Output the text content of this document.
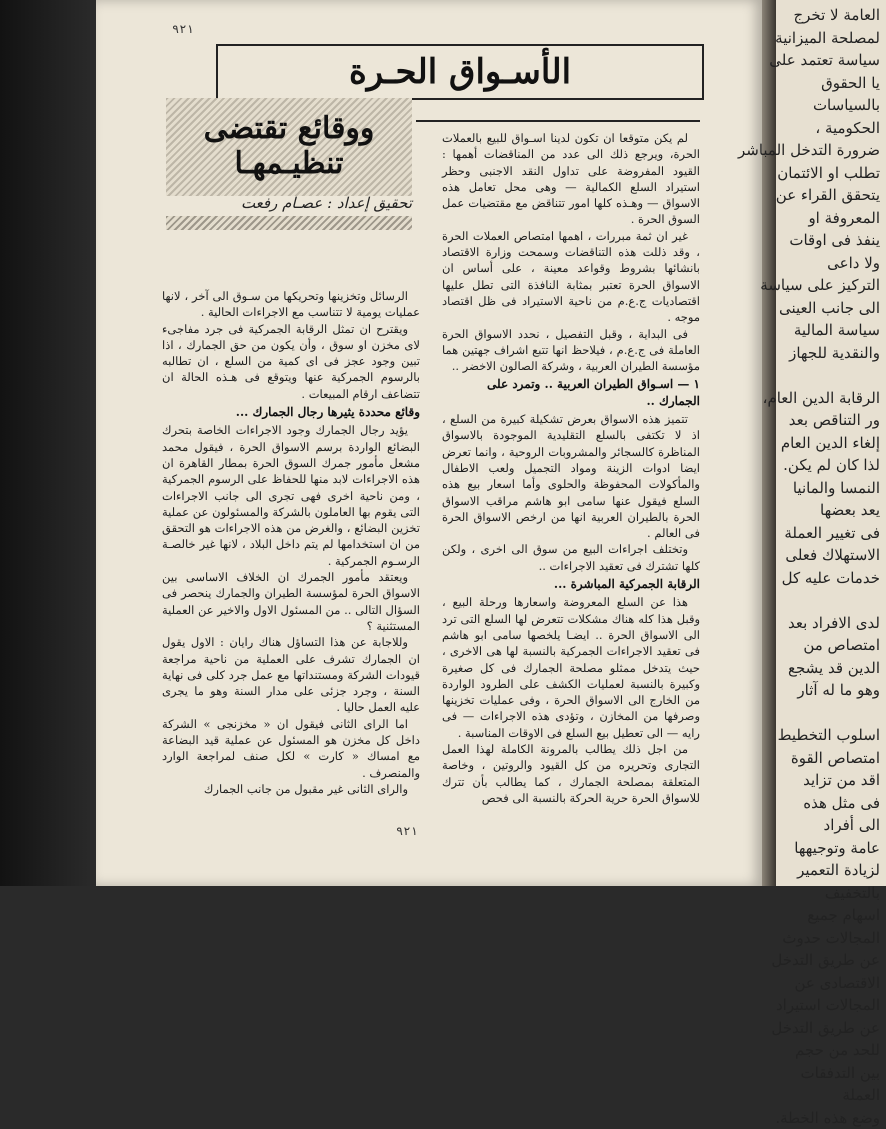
٩٢١
الأسـواق الحـرة
ووقائع تقتضى
تنظيـمهـا
تحقيق إعداد : عصـام رفعت

لم يكن متوقعا ان تكون لدينا اسـواق للبيع بالعملات الحرة، ويرجع ذلك الى عدد من المناقضات أهمها : القيود المفروضة على تداول النقد الاجنبى وحظر استيراد السلع الكمالية — وهى محل تعامل هذه الاسواق — وهـذه كلها امور تتناقض مع مقتضيات عمل السوق الحرة .

غير ان ثمة مبررات ، اهمها امتصاص العملات الحرة ، وقد ذللت هذه التناقضات وسمحت وزارة الاقتصاد بانشائها بشروط وقواعد معينة ، على أساس ان الاسواق الحرة تعتبر بمثابة النافذة التى تطل عليها اقتصاديات ج.ع.م من ناحية الاستيراد فى ظل اقتصاد موجه .

فى البداية ، وقبل التفصيل ، نحدد الاسواق الحرة العاملة فى ج.ع.م ، فيلاحظ انها تتبع اشراف جهتين هما مؤسسة الطيران العربية ، وشركة الصالون الاخضر ..

١ — اسـواق الطيران العربية .. وتمرد على الجمارك ..

تتميز هذه الاسواق بعرض تشكيلة كبيرة من السلع ، اذ لا تكتفى بالسلع التقليدية الموجودة بالاسواق المناظرة كالسجائر والمشروبات الروحية ، وانما تعرض ايضا ادوات الزينة ومواد التجميل ولعب الاطفال والمأكولات المحفوظة والحلوى وأما اسعار بيع هذه السلع فيقول عنها سامى ابو هاشم مراقب الاسواق الحرة بالطيران العربية انها من ارخص الاسواق الحرة فى العالم .

وتختلف اجراءات البيع من سوق الى اخرى ، ولكن كلها تشترك فى تعقيد الاجراءات ..

الرقابة الجمركية المباشرة ...

هذا عن السلع المعروضة واسعارها ورحلة البيع ، وقبل هذا كله هناك مشكلات تتعرض لها السلع التى ترد الى الاسواق الحرة .. ايضـا يلخصها سامى ابو هاشم فى تعقيد الاجراءات الجمركية بالنسبة لها هى الاخرى ، حيث يتدخل ممثلو مصلحة الجمارك فى كل صغيرة وكبيرة بالنسبة لعمليات الكشف على الطرود الواردة من الخارج الى الاسواق الحرة ، وفى عمليات تخزينها وصرفها من المخازن ، وتؤدى هذه الاجراءات — فى رايه — الى تعطيل بيع السلع فى الاوقات المناسبة .

من اجل ذلك يطالب بالمرونة الكاملة لهذا العمل التجارى وتحريره من كل القيود والروتين ، وخاصة المتعلقة بمصلحة الجمارك ، كما يطالب بأن تترك للاسواق الحرة حرية الحركة بالنسبة الى فحص

الرسائل وتخزينها وتحريكها من سـوق الى آخر ، لانها عمليات يومية لا تتناسب مع الاجراءات الحالية .

ويقترح ان تمثل الرقابة الجمركية فى جرد مفاجىء لاى مخزن او سوق ، وأن يكون من حق الجمارك ، اذا تبين وجود عجز فى اى كمية من السلع ، ان تطالبه بالرسوم الجمركية عنها ويتوقع فى هـذه الحالة ان تتضاعف ارقام المبيعات .

وقائع محددة يثيرها رجال الجمارك ...

يؤيد رجال الجمارك وجود الاجراءات الخاصة بتحرك البضائع الواردة برسم الاسواق الحرة ، فيقول محمد مشعل مأمور جمرك السوق الحرة بمطار القاهرة ان هذه الاجراءات لابد منها للحفاظ على الرسوم الجمركية ، ومن ناحية اخرى فهى تجرى الى جانب الاجراءات التى يقوم بها العاملون بالشركة والمسئولون عن عملية تخزين البضائع ، والغرض من هذه الاجراءات هو التحقق من ان استخدامها لم يتم داخل البلاد ، لانها غير خالصـة الرسـوم الجمركية .

ويعتقد مأمور الجمرك ان الخلاف الاساسى بين الاسواق الحرة لمؤسسة الطيران والجمارك ينحصر فى السؤال التالى .. من المسئول الاول والاخير عن العملية المستثنية ؟

وللاجابة عن هذا التساؤل هناك رايان : الاول يقول ان الجمارك تشرف على العملية من ناحية مراجعة قيودات الشركة ومستنداتها مع عمل جرد كلى فى نهاية السنة ، وجرد جزئى على مدار السنة وهو ما يجرى عليه العمل حاليا .

اما الراى الثانى فيقول ان « مخزنجى » الشركة داخل كل مخزن هو المسئول عن عملية قيد البضاعة مع امساك « كارت » لكل صنف لمراجعة الوارد والمنصرف .

والراى الثانى غير مقبول من جانب الجمارك

٩٢١
العامة لا تخرج
لمصلحة الميزانية
سياسة تعتمد على
يا الحقوق
بالسياسات
الحكومية ،
ضرورة التدخل المباشر
تطلب او الائتمان
يتحقق القراء عن
المعروفة او
ينفذ فى اوقات
ولا داعى
التركيز على سياسة
الى جانب العينى
سياسة المالية
والنقدية للجهاز

الرقابة الدين العام،
ور التناقص بعد
إلغاء الدين العام
لذا كان لم يكن.
النمسا والمانيا
يعد بعضها
فى تغيير العملة
الاستهلاك فعلى
خدمات عليه كل

لدى الافراد بعد
امتصاص من
الدين قد يشجع
وهو ما له آثار

اسلوب التخطيط
امتصاص القوة
اقد من تزايد
فى مثل هذه
الى أفراد
عامة وتوجيهها
لزيادة التعمير
بالتخفيف
اسهام جميع
المجالات حدوث
عن طريق التدخل
الاقتصادى عن
المجالات استيراد
عن طريق التدخل
للحد من حجم
بين التدفقات
العملة
وضع هذه الخطة.
